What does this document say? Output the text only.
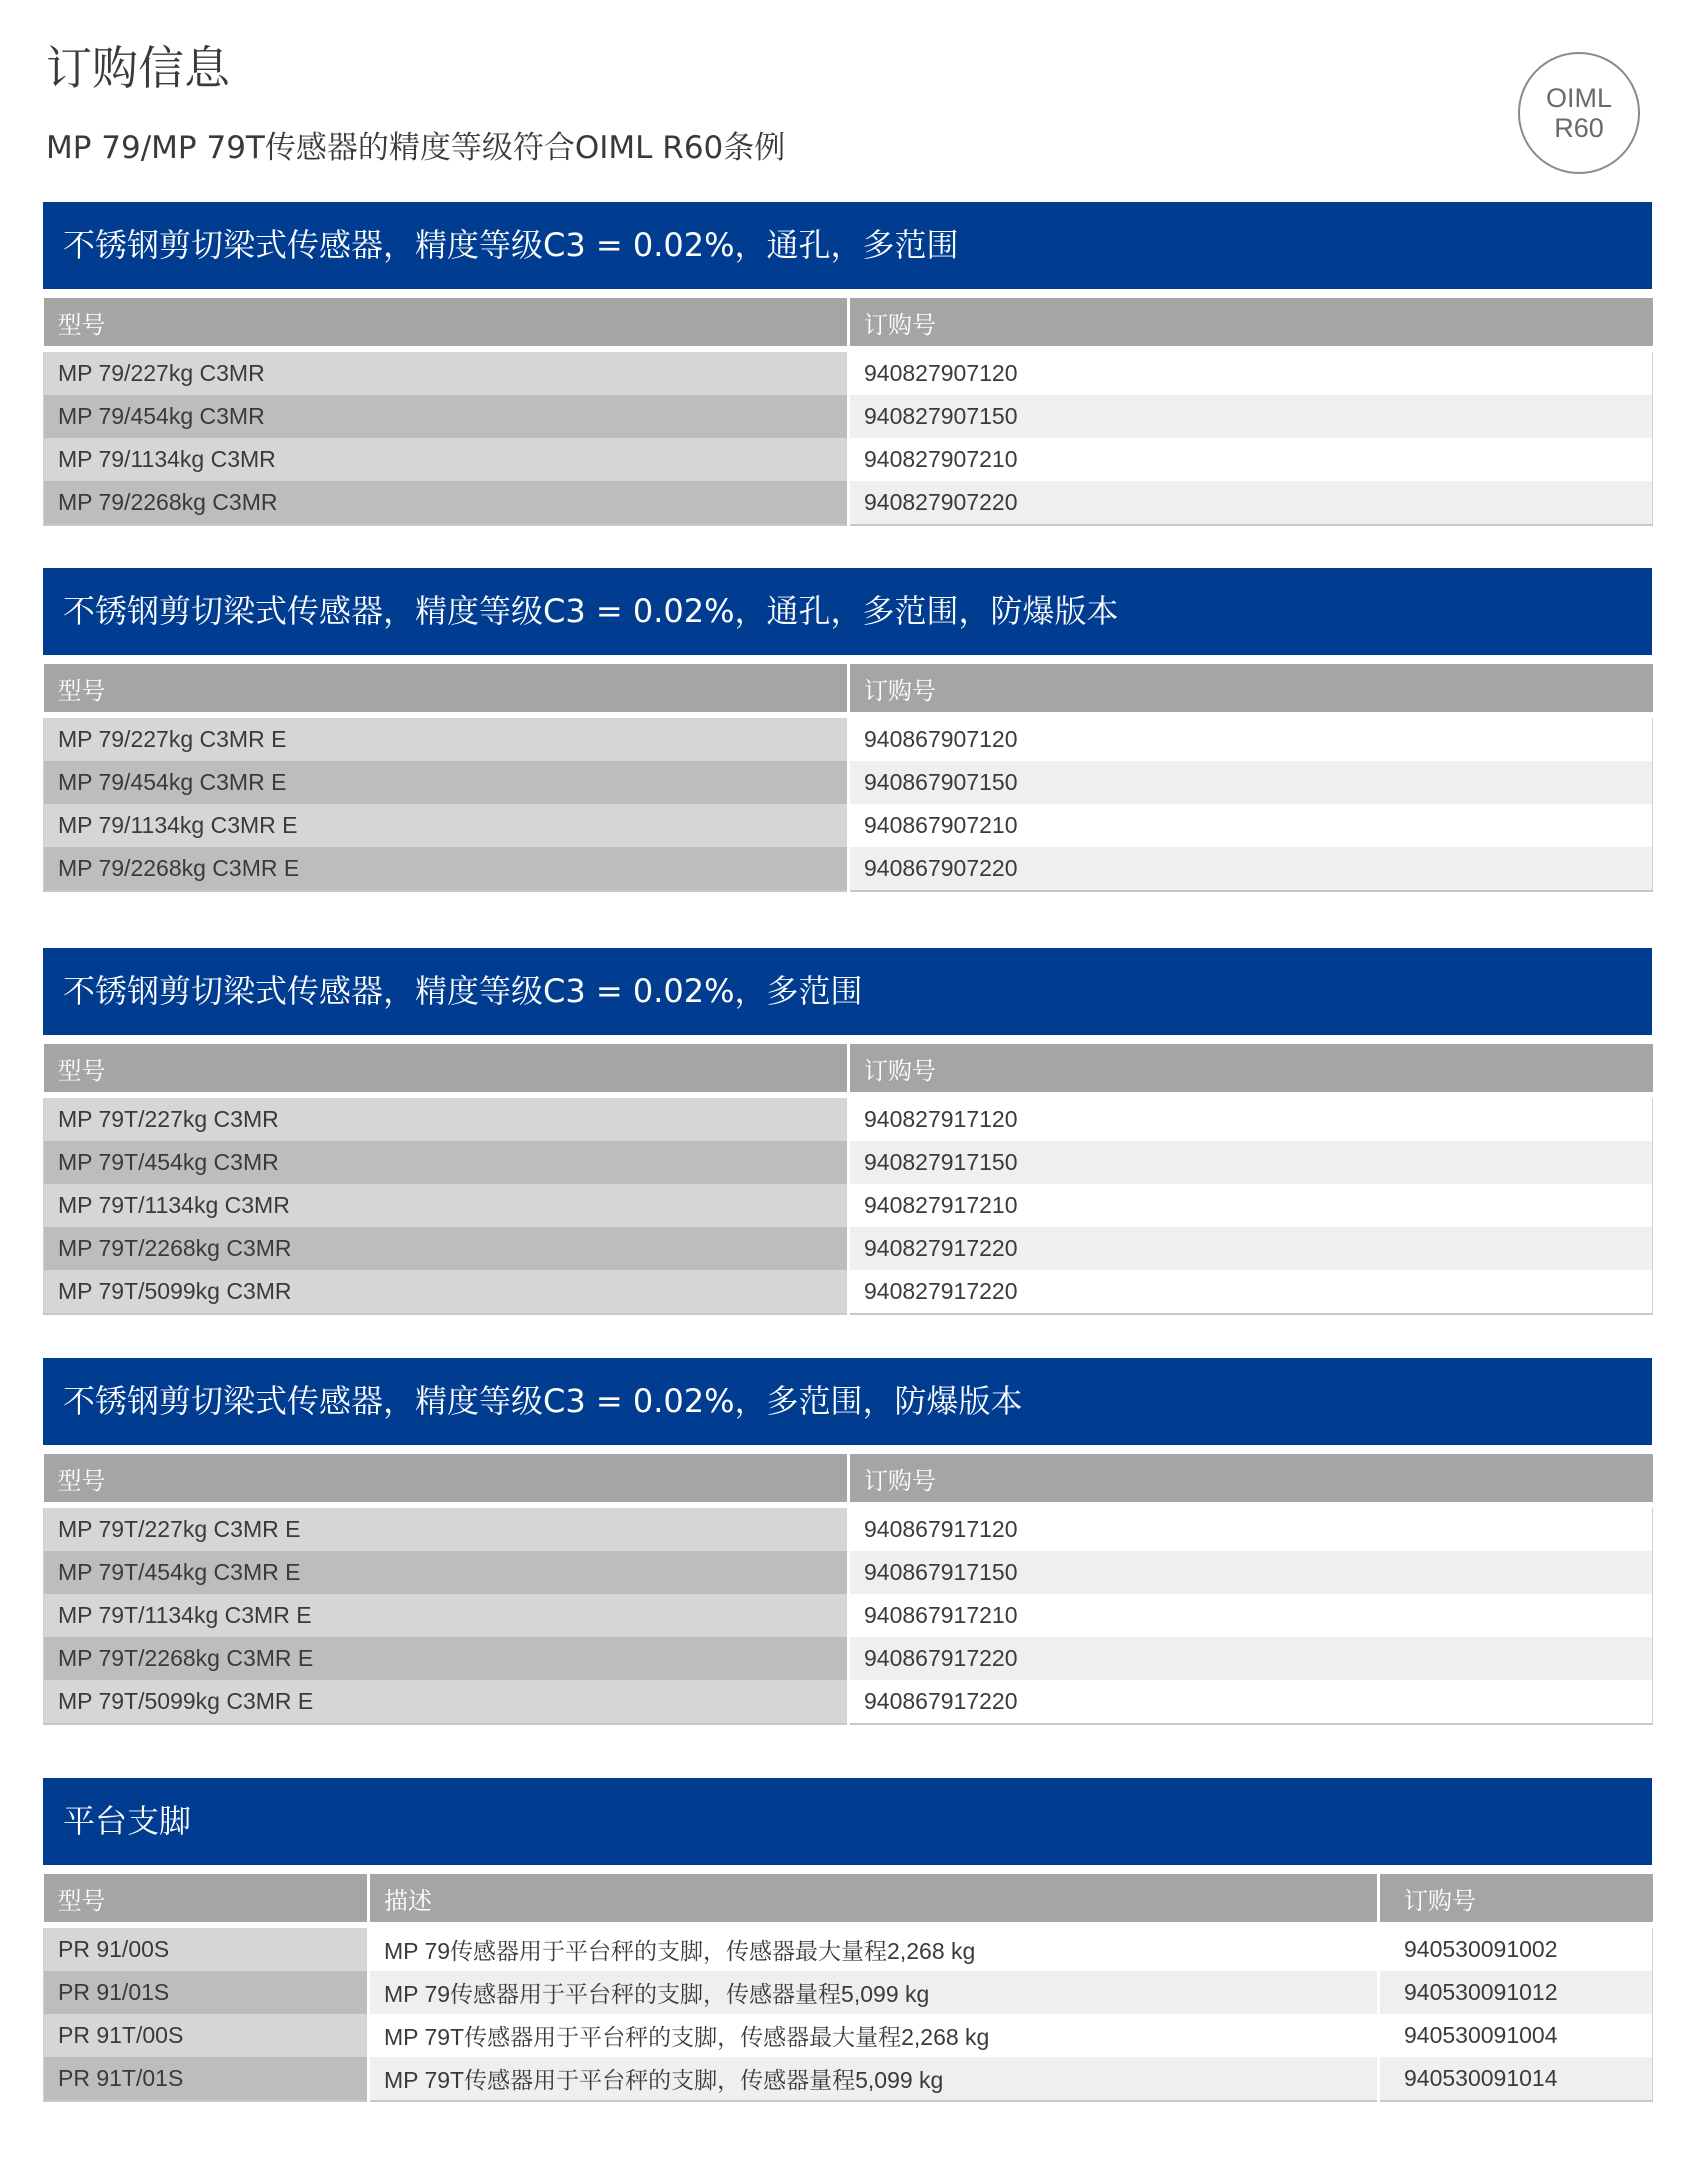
订购信息

MP 79/MP 79T传感器的精度等级符合OIML R60条例

OIML
R60
不锈钢剪切梁式传感器，精度等级C3 = 0.02%，通孔，多范围
型号	订购号
MP 79/227kg C3MR	940827907120
MP 79/454kg C3MR	940827907150
MP 79/1134kg C3MR	940827907210
MP 79/2268kg C3MR	940827907220
不锈钢剪切梁式传感器，精度等级C3 = 0.02%，通孔，多范围，防爆版本
型号	订购号
MP 79/227kg C3MR E	940867907120
MP 79/454kg C3MR E	940867907150
MP 79/1134kg C3MR E	940867907210
MP 79/2268kg C3MR E	940867907220
不锈钢剪切梁式传感器，精度等级C3 = 0.02%，多范围
型号	订购号
MP 79T/227kg C3MR	940827917120
MP 79T/454kg C3MR	940827917150
MP 79T/1134kg C3MR	940827917210
MP 79T/2268kg C3MR	940827917220
MP 79T/5099kg C3MR	940827917220
不锈钢剪切梁式传感器，精度等级C3 = 0.02%，多范围，防爆版本
型号	订购号
MP 79T/227kg C3MR E	940867917120
MP 79T/454kg C3MR E	940867917150
MP 79T/1134kg C3MR E	940867917210
MP 79T/2268kg C3MR E	940867917220
MP 79T/5099kg C3MR E	940867917220
平台支脚
型号	描述	订购号
PR 91/00S	MP 79传感器用于平台秤的支脚，传感器最大量程2,268 kg	940530091002
PR 91/01S	MP 79传感器用于平台秤的支脚，传感器量程5,099 kg	940530091012
PR 91T/00S	MP 79T传感器用于平台秤的支脚，传感器最大量程2,268 kg	940530091004
PR 91T/01S	MP 79T传感器用于平台秤的支脚，传感器量程5,099 kg	940530091014
